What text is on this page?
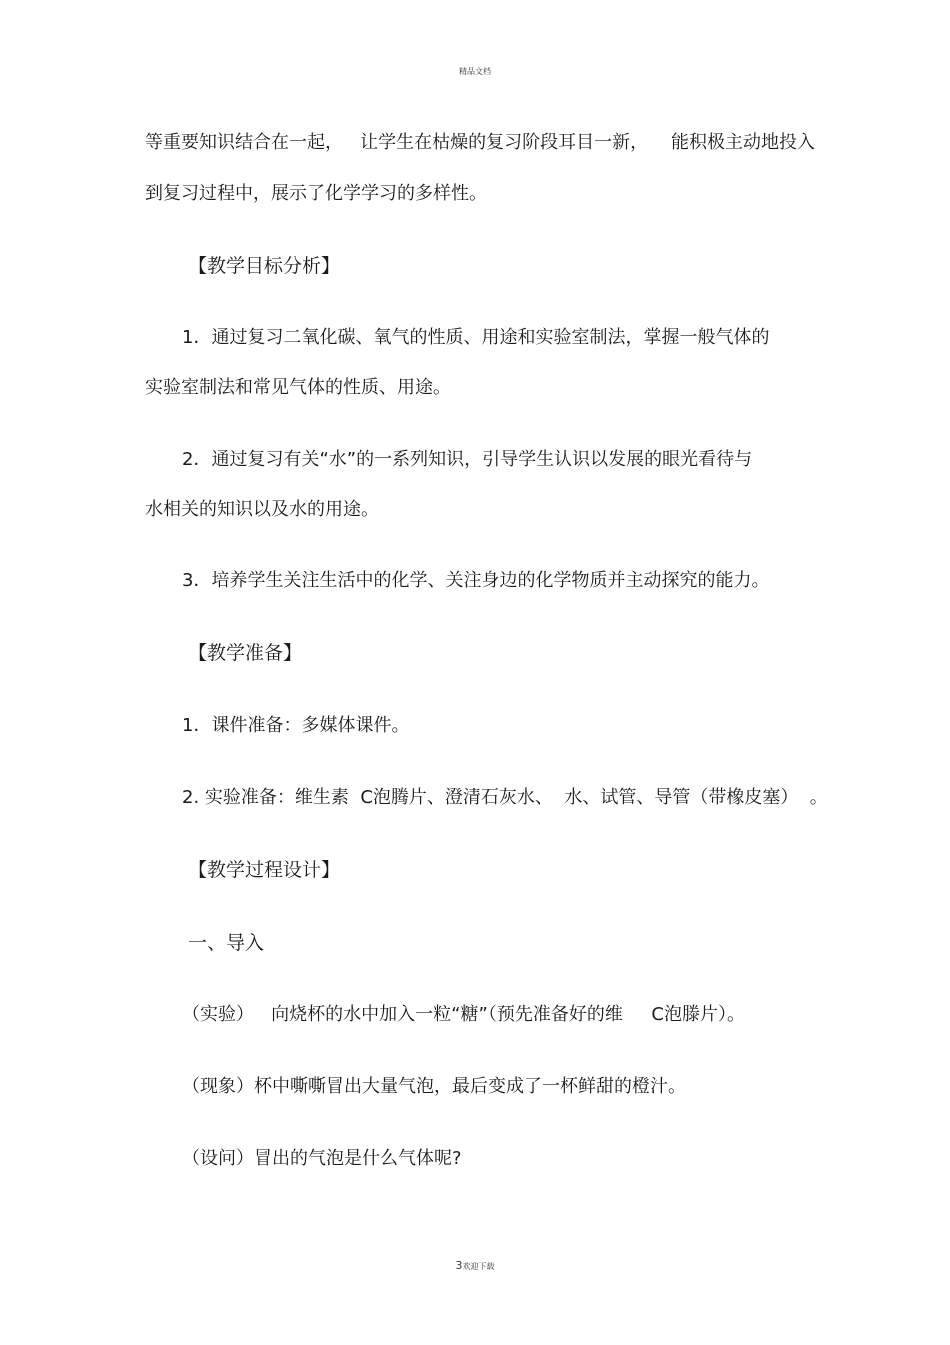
精品文档
等重要知识结合在一起，   让学生在枯燥的复习阶段耳目一新，    能积极主动地投入
到复习过程中，展示了化学学习的多样性。
【教学目标分析】
1．通过复习二氧化碳、氧气的性质、用途和实验室制法，掌握一般气体的
实验室制法和常见气体的性质、用途。
2．通过复习有关“水”的一系列知识，引导学生认识以发展的眼光看待与
水相关的知识以及水的用途。
3．培养学生关注生活中的化学、关注身边的化学物质并主动探究的能力。
【教学准备】
1．课件准备：多媒体课件。
2. 实验准备：维生素  C泡腾片、澄清石灰水、  水、试管、导管（带橡皮塞）  。
【教学过程设计】
一、导入
（实验）   向烧杯的水中加入一粒“糖”（预先准备好的维     C泡滕片）。
（现象）杯中嘶嘶冒出大量气泡，最后变成了一杯鲜甜的橙汁。
（设问）冒出的气泡是什么气体呢?
3欢迎下载
